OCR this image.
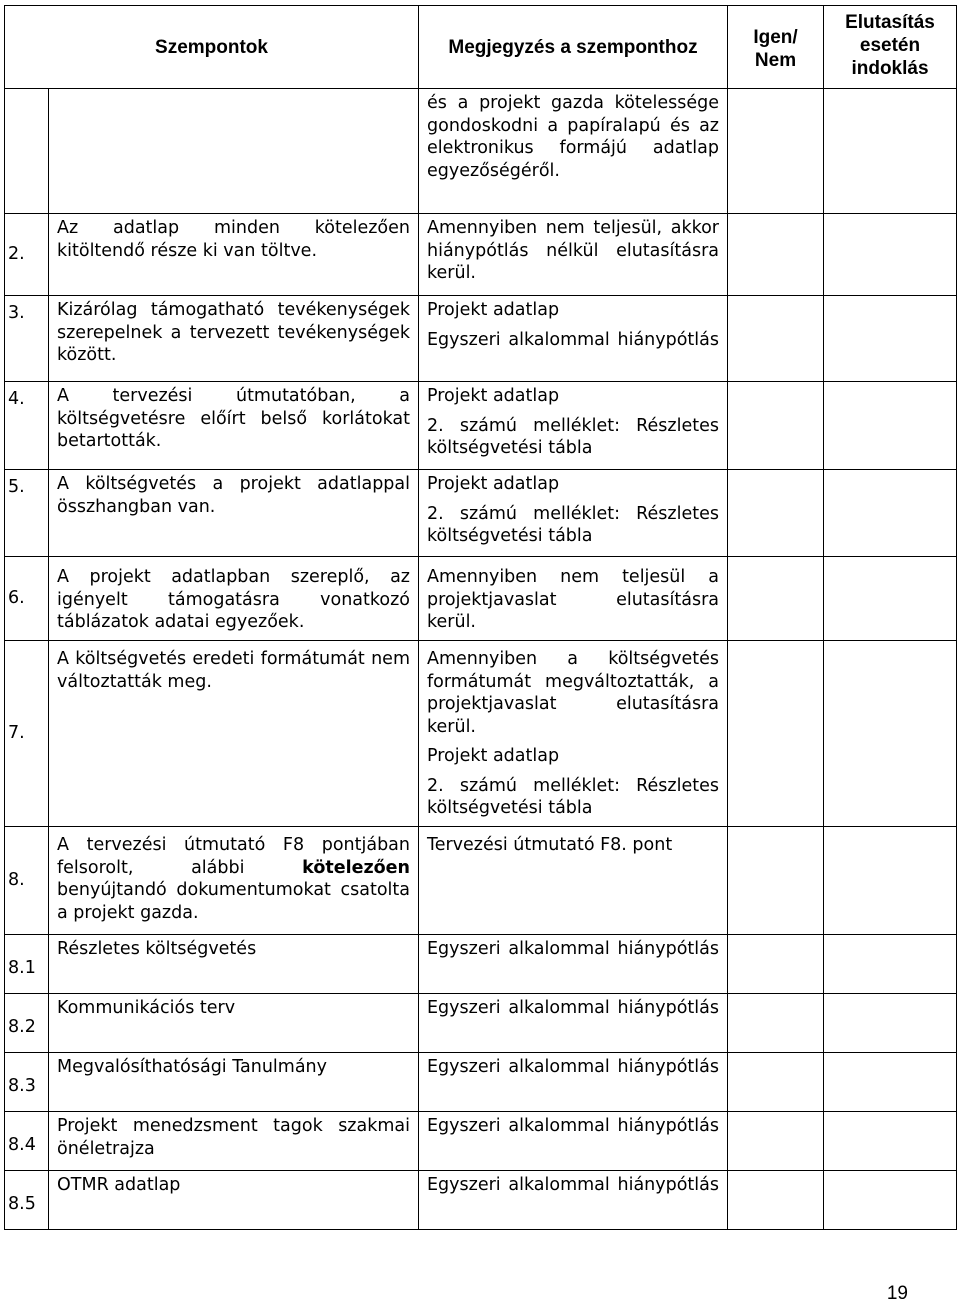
Szempontok		Megjegyzés a szemponthoz	Igen/ Nem	Elutasítás esetén indoklás
		és a projekt gazda kötelessége gondoskodni a papíralapú és az elektronikus formájú adatlap egyezőségéről.		
2.	Az adatlap minden kötelezően kitöltendő része ki van töltve.	Amennyiben nem teljesül, akkor hiánypótlás nélkül elutasításra kerül.		

3.	Kizárólag támogatható tevékenységek szerepelnek a tervezett tevékenységek között.	Projekt adatlap

Egyszeri alkalommal hiánypótlás		

4.	A tervezési útmutatóban, a költségvetésre előírt belső korlátokat betartották.	Projekt adatlap

2. számú melléklet: Részletes költségvetési tábla		

5.	A költségvetés a projekt adatlappal összhangban van.	Projekt adatlap

2. számú melléklet: Részletes költségvetési tábla		

6.	A projekt adatlapban szereplő, az igényelt támogatásra vonatkozó táblázatok adatai egyezőek.	Amennyiben nem teljesül a projektjavaslat elutasításra kerül.		

7.	A költségvetés eredeti formátumát nem változtatták meg.	Amennyiben a költségvetés formátumát megváltoztatták, a projektjavaslat elutasításra kerül.

Projekt adatlap

2. számú melléklet: Részletes költségvetési tábla		

8.	A tervezési útmutató F8 pontjában felsorolt, alábbi kötelezően benyújtandó dokumentumokat csatolta a projekt gazda.	Tervezési útmutató F8. pont		

8.1	Részletes költségvetés	Egyszeri alkalommal hiánypótlás		
8.2	Kommunikációs terv	Egyszeri alkalommal hiánypótlás		
8.3	Megvalósíthatósági Tanulmány	Egyszeri alkalommal hiánypótlás		
8.4	Projekt menedzsment tagok szakmai önéletrajza	Egyszeri alkalommal hiánypótlás		
8.5	OTMR adatlap	Egyszeri alkalommal hiánypótlás		
19
